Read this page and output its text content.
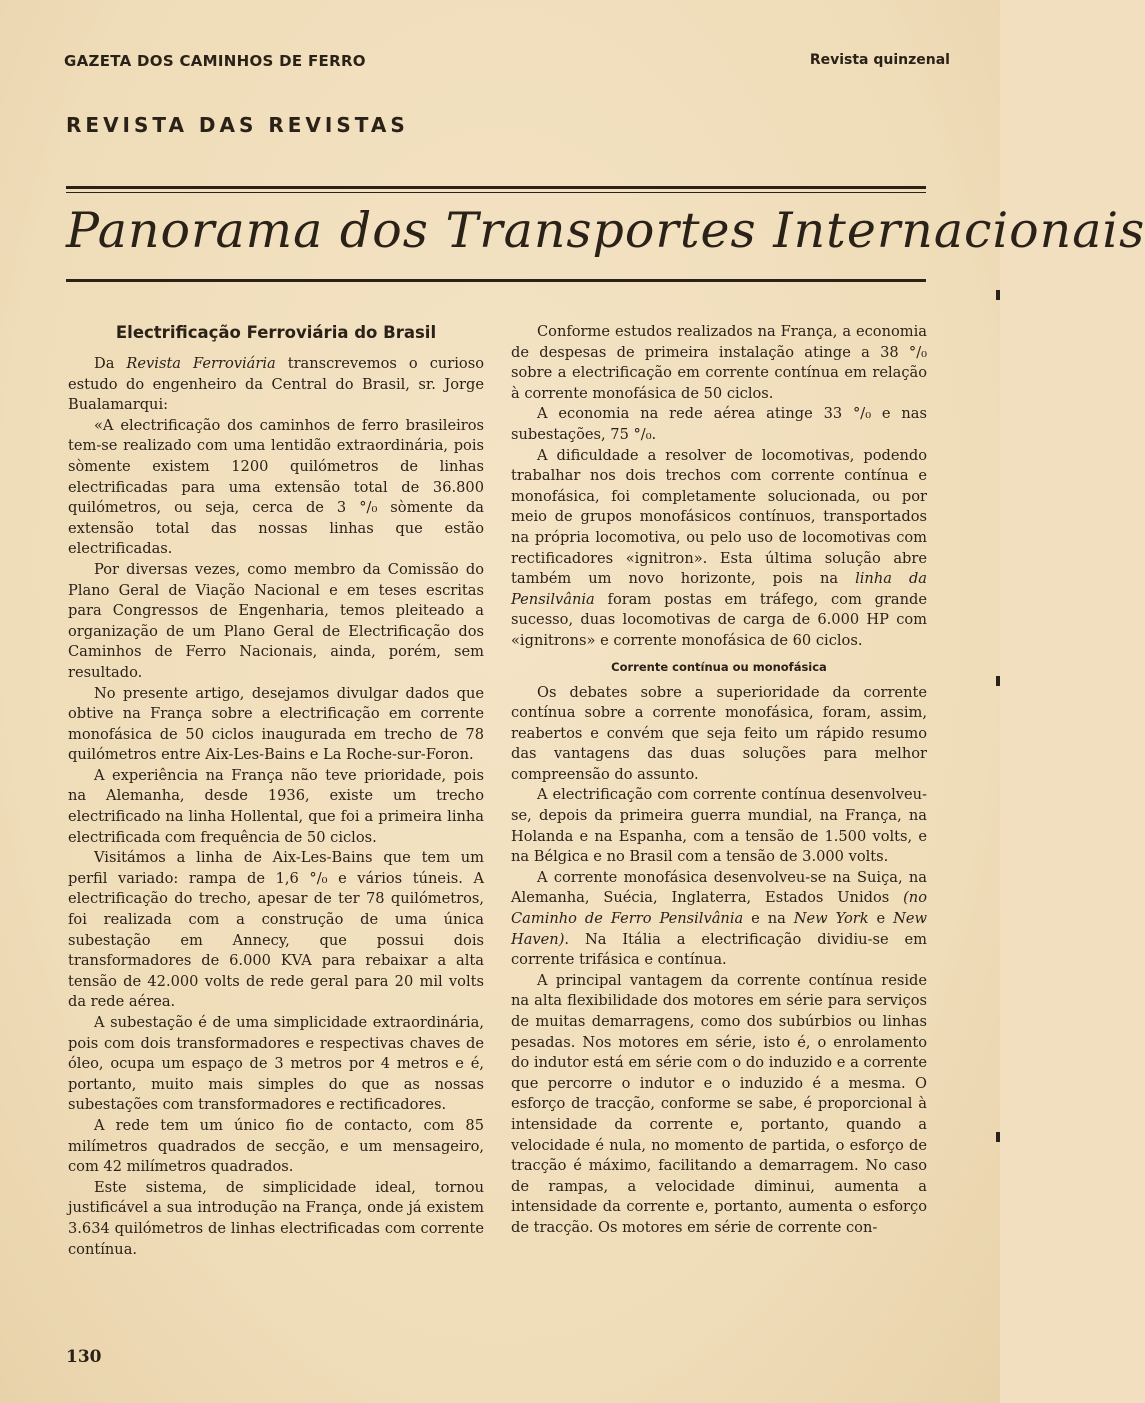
GAZETA DOS CAMINHOS DE FERRO	Revista quinzenal
REVISTA DAS REVISTAS
Panorama dos Transportes Internacionais
Electrificação Ferroviária do Brasil

Da Revista Ferroviária transcrevemos o curioso estudo do engenheiro da Central do Brasil, sr. Jorge Bualamarqui:

«A electrificação dos caminhos de ferro brasileiros tem-se realizado com uma lentidão extraordinária, pois sòmente existem 1200 quilómetros de linhas electrificadas para uma extensão total de 36.800 quilómetros, ou seja, cerca de 3 °/₀ sòmente da extensão total das nossas linhas que estão electrificadas.

Por diversas vezes, como membro da Comissão do Plano Geral de Viação Nacional e em teses escritas para Congressos de Engenharia, temos pleiteado a organização de um Plano Geral de Electrificação dos Caminhos de Ferro Nacionais, ainda, porém, sem resultado.

No presente artigo, desejamos divulgar dados que obtive na França sobre a electrificação em corrente monofásica de 50 ciclos inaugurada em trecho de 78 quilómetros entre Aix-Les-Bains e La Roche-sur-Foron.

A experiência na França não teve prioridade, pois na Alemanha, desde 1936, existe um trecho electrificado na linha Hollental, que foi a primeira linha electrificada com frequência de 50 ciclos.

Visitámos a linha de Aix-Les-Bains que tem um perfil variado: rampa de 1,6 °/₀ e vários túneis. A electrificação do trecho, apesar de ter 78 quilómetros, foi realizada com a construção de uma única subestação em Annecy, que possui dois transformadores de 6.000 KVA para rebaixar a alta tensão de 42.000 volts de rede geral para 20 mil volts da rede aérea.

A subestação é de uma simplicidade extraordinária, pois com dois transformadores e respectivas chaves de óleo, ocupa um espaço de 3 metros por 4 metros e é, portanto, muito mais simples do que as nossas subestações com transformadores e rectificadores.

A rede tem um único fio de contacto, com 85 milímetros quadrados de secção, e um mensageiro, com 42 milímetros quadrados.

Este sistema, de simplicidade ideal, tornou justificável a sua introdução na França, onde já existem 3.634 quilómetros de linhas electrificadas com corrente contínua.

Conforme estudos realizados na França, a economia de despesas de primeira instalação atinge a 38 °/₀ sobre a electrificação em corrente contínua em relação à corrente monofásica de 50 ciclos.

A economia na rede aérea atinge 33 °/₀ e nas subestações, 75 °/₀.

A dificuldade a resolver de locomotivas, podendo trabalhar nos dois trechos com corrente contínua e monofásica, foi completamente solucionada, ou por meio de grupos monofásicos contínuos, transportados na própria locomotiva, ou pelo uso de locomotivas com rectificadores «ignitron». Esta última solução abre também um novo horizonte, pois na linha da Pensilvânia foram postas em tráfego, com grande sucesso, duas locomotivas de carga de 6.000 HP com «ignitrons» e corrente monofásica de 60 ciclos.

Corrente contínua ou monofásica

Os debates sobre a superioridade da corrente contínua sobre a corrente monofásica, foram, assim, reabertos e convém que seja feito um rápido resumo das vantagens das duas soluções para melhor compreensão do assunto.

A electrificação com corrente contínua desenvolveu-se, depois da primeira guerra mundial, na França, na Holanda e na Espanha, com a tensão de 1.500 volts, e na Bélgica e no Brasil com a tensão de 3.000 volts.

A corrente monofásica desenvolveu-se na Suiça, na Alemanha, Suécia, Inglaterra, Estados Unidos (no Caminho de Ferro Pensilvânia e na New York e New Haven). Na Itália a electrificação dividiu-se em corrente trifásica e contínua.

A principal vantagem da corrente contínua reside na alta flexibilidade dos motores em série para serviços de muitas demarragens, como dos subúrbios ou linhas pesadas. Nos motores em série, isto é, o enrolamento do indutor está em série com o do induzido e a corrente que percorre o indutor e o induzido é a mesma. O esforço de tracção, conforme se sabe, é proporcional à intensidade da corrente e, portanto, quando a velocidade é nula, no momento de partida, o esforço de tracção é máximo, facilitando a demarragem. No caso de rampas, a velocidade diminui, aumenta a intensidade da corrente e, portanto, aumenta o esforço de tracção. Os motores em série de corrente con-

130
